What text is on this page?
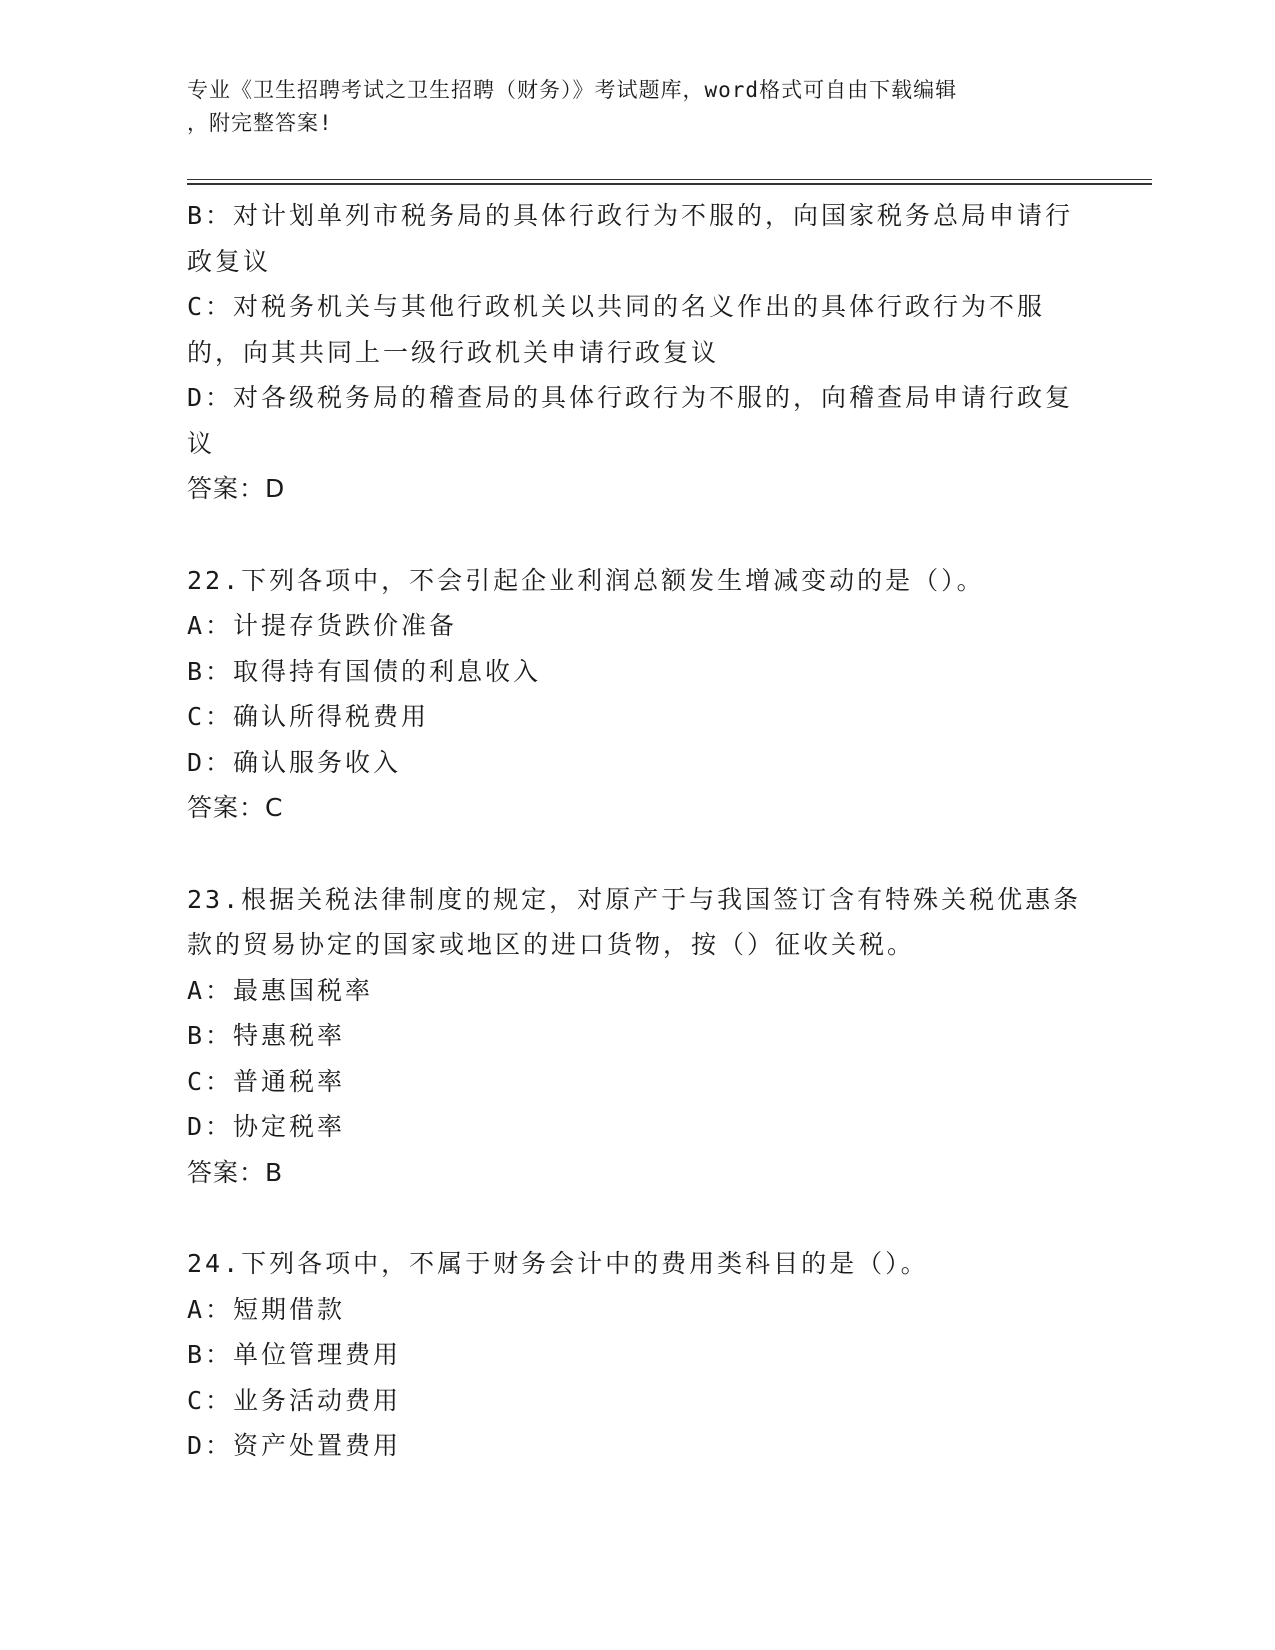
专业《卫生招聘考试之卫生招聘（财务）》考试题库，word格式可自由下载编辑
，附完整答案!

B：对计划单列市税务局的具体行政行为不服的，向国家税务总局申请行政复议

C：对税务机关与其他行政机关以共同的名义作出的具体行政行为不服的，向其共同上一级行政机关申请行政复议

D：对各级税务局的稽查局的具体行政行为不服的，向稽查局申请行政复议

答案：D

22.下列各项中，不会引起企业利润总额发生增减变动的是（）。

A：计提存货跌价准备

B：取得持有国债的利息收入

C：确认所得税费用

D：确认服务收入

答案：C

23.根据关税法律制度的规定，对原产于与我国签订含有特殊关税优惠条款的贸易协定的国家或地区的进口货物，按（）征收关税。

A：最惠国税率

B：特惠税率

C：普通税率

D：协定税率

答案：B

24.下列各项中，不属于财务会计中的费用类科目的是（）。

A：短期借款

B：单位管理费用

C：业务活动费用

D：资产处置费用
